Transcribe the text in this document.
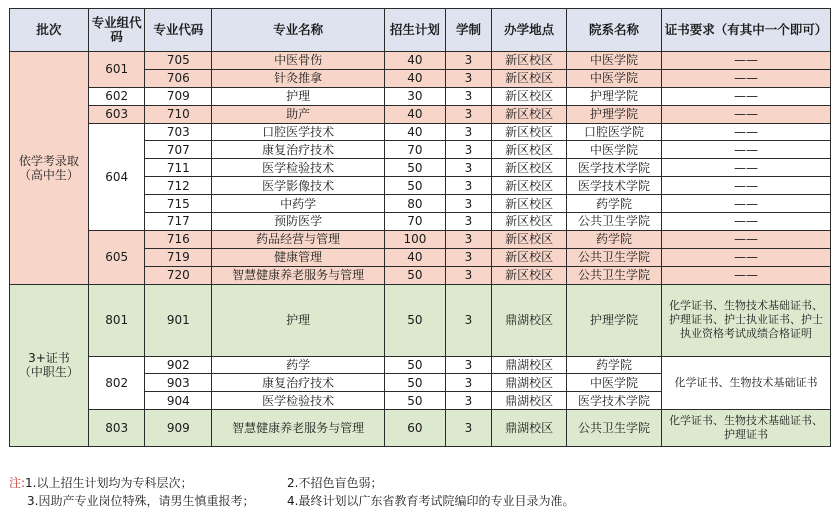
批次	专业组代码	专业代码	专业名称	招生计划	学制	办学地点	院系名称	证书要求（有其中一个即可）
依学考录取（高中生）	601	705	中医骨伤	40	3	新区校区	中医学院	——
		706	针灸推拿	40	3	新区校区	中医学院	——
	602	709	护理	30	3	新区校区	护理学院	——
	603	710	助产	40	3	新区校区	护理学院	——
	604	703	口腔医学技术	40	3	新区校区	口腔医学院	——
		707	康复治疗技术	70	3	新区校区	中医学院	——
		711	医学检验技术	50	3	新区校区	医学技术学院	——
		712	医学影像技术	50	3	新区校区	医学技术学院	——
		715	中药学	80	3	新区校区	药学院	——
		717	预防医学	70	3	新区校区	公共卫生学院	——
	605	716	药品经营与管理	100	3	新区校区	药学院	——
		719	健康管理	40	3	新区校区	公共卫生学院	——
		720	智慧健康养老服务与管理	50	3	新区校区	公共卫生学院	——
3+证书（中职生）	801	901	护理	50	3	鼎湖校区	护理学院	化学证书、生物技术基础证书、护理证书、护士执业证书、护士执业资格考试成绩合格证明
	802	902	药学	50	3	鼎湖校区	药学院	化学证书、生物技术基础证书
		903	康复治疗技术	50	3	鼎湖校区	中医学院	
		904	医学检验技术	50	3	鼎湖校区	医学技术学院	
	803	909	智慧健康养老服务与管理	60	3	鼎湖校区	公共卫生学院	化学证书、生物技术基础证书、护理证书
注:1.以上招生计划均为专科层次；	2.不招色盲色弱；
3.因助产专业岗位特殊，请男生慎重报考；	4.最终计划以广东省教育考试院编印的专业目录为准。
